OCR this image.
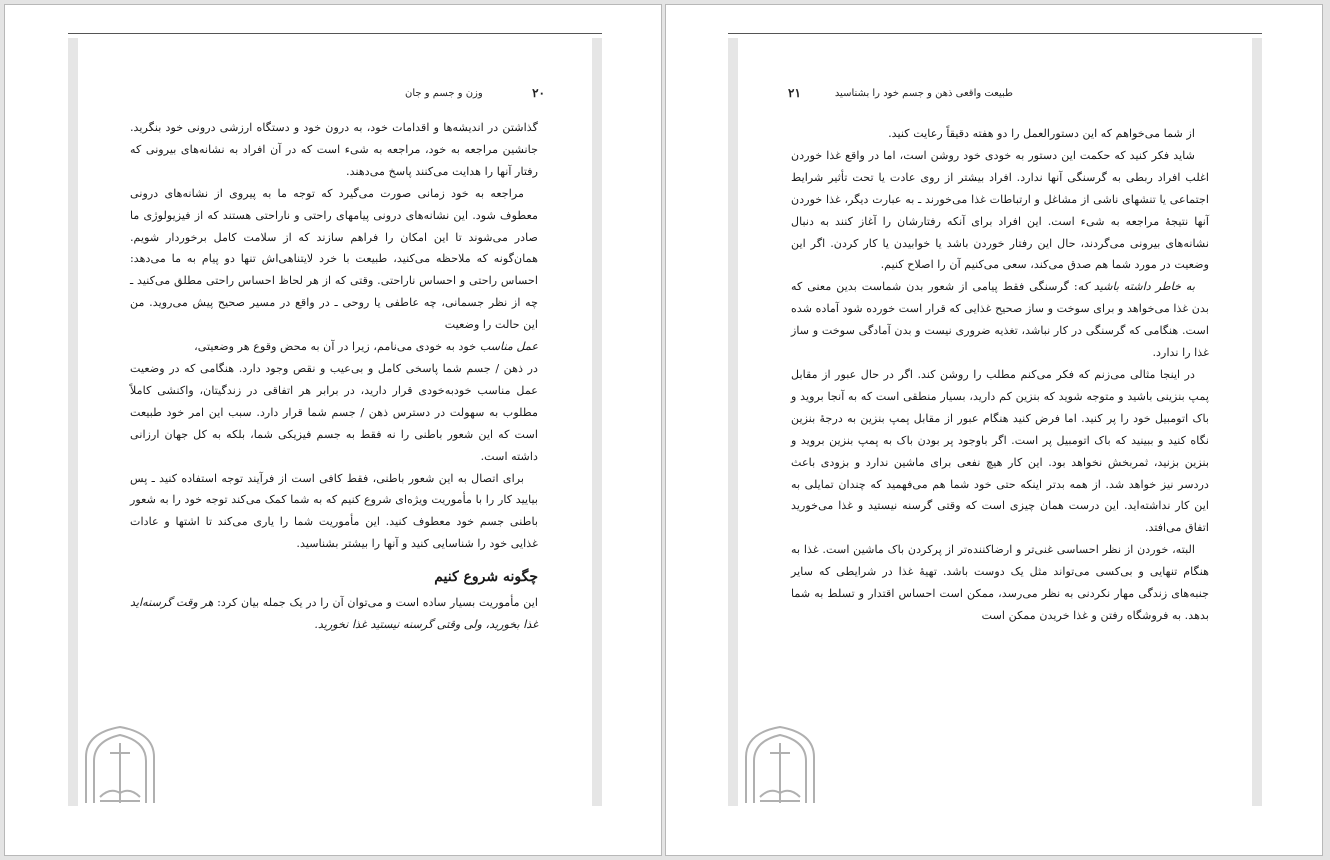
۲۰
وزن و جسم و جان

گذاشتن در اندیشه‌ها و اقدامات خود، به درون خود و دستگاه ارزشی درونی خود بنگرید. جانشین مراجعه به خود، مراجعه به شیء است که در آن افراد به نشانه‌های بیرونی که رفتار آنها را هدایت می‌کنند پاسخ می‌دهند.

مراجعه به خود زمانی صورت می‌گیرد که توجه ما به پیروی از نشانه‌های درونی معطوف شود. این نشانه‌های درونی پیامهای راحتی و ناراحتی هستند که از فیزیولوژی ما صادر می‌شوند تا این امکان را فراهم سازند که از سلامت کامل برخوردار شویم. همان‌گونه که ملاحظه می‌کنید، طبیعت با خرد لایتناهی‌اش تنها دو پیام به ما می‌دهد: احساس راحتی و احساس ناراحتی. وقتی که از هر لحاظ احساس راحتی مطلق می‌کنید ـ چه از نظر جسمانی، چه عاطفی یا روحی ـ در واقع در مسیر صحیح پیش می‌روید. من این حالت را وضعیت

عمل مناسب خود به خودی می‌نامم، زیرا در آن به محض وقوع هر وضعیتی،

در ذهن / جسم شما پاسخی کامل و بی‌عیب و نقص وجود دارد. هنگامی که در وضعیت عمل مناسب خودبه‌خودی قرار دارید، در برابر هر اتفاقی در زندگیتان، واکنشی کاملاً مطلوب به سهولت در دسترس ذهن / جسم شما قرار دارد. سبب این امر خود طبیعت است که این شعور باطنی را نه فقط به جسم فیزیکی شما، بلکه به کل جهان ارزانی داشته است.

برای اتصال به این شعور باطنی، فقط کافی است از فرآیند توجه استفاده کنید ـ پس بیایید کار را با مأموریت ویژه‌ای شروع کنیم که به شما کمک می‌کند توجه خود را به شعور باطنی جسم خود معطوف کنید. این مأموریت شما را یاری می‌کند تا اشتها و عادات غذایی خود را شناسایی کنید و آنها را بیشتر بشناسید.

چگونه شروع کنیم

این مأموریت بسیار ساده است و می‌توان آن را در یک جمله بیان کرد: هر وقت گرسنه‌اید غذا بخورید، ولی وقتی گرسنه نیستید غذا نخورید.

طبیعت واقعی ذهن و جسم خود را بشناسید
۲۱

از شما می‌خواهم که این دستورالعمل را دو هفته دقیقاً رعایت کنید.

شاید فکر کنید که حکمت این دستور به خودی خود روشن است، اما در واقع غذا خوردن اغلب افراد ربطی به گرسنگی آنها ندارد. افراد بیشتر از روی عادت یا تحت تأثیر شرایط اجتماعی یا تنشهای ناشی از مشاغل و ارتباطات غذا می‌خورند ـ به عبارت دیگر، غذا خوردن آنها نتیجهٔ مراجعه به شیء است. این افراد برای آنکه رفتارشان را آغاز کنند به دنبال نشانه‌های بیرونی می‌گردند، حال این رفتار خوردن باشد یا خوابیدن یا کار کردن. اگر این وضعیت در مورد شما هم صدق می‌کند، سعی می‌کنیم آن را اصلاح کنیم.

به خاطر داشته باشید که: گرسنگی فقط پیامی از شعور بدن شماست بدین معنی که بدن غذا می‌خواهد و برای سوخت و ساز صحیح غذایی که قرار است خورده شود آماده شده است. هنگامی که گرسنگی در کار نباشد، تغذیه ضروری نیست و بدن آمادگی سوخت و ساز غذا را ندارد.

در اینجا مثالی می‌زنم که فکر می‌کنم مطلب را روشن کند. اگر در حال عبور از مقابل پمپ بنزینی باشید و متوجه شوید که بنزین کم دارید، بسیار منطقی است که به آنجا بروید و باک اتومبیل خود را پر کنید. اما فرض کنید هنگام عبور از مقابل پمپ بنزین به درجهٔ بنزین نگاه کنید و ببینید که باک اتومبیل پر است. اگر باوجود پر بودن باک به پمپ بنزین بروید و بنزین بزنید، ثمربخش نخواهد بود. این کار هیچ نفعی برای ماشین ندارد و بزودی باعث دردسر نیز خواهد شد. از همه بدتر اینکه حتی خود شما هم می‌فهمید که چندان تمایلی به این کار نداشته‌اید. این درست همان چیزی است که وقتی گرسنه نیستید و غذا می‌خورید اتفاق می‌افتد.

البته، خوردن از نظر احساسی غنی‌تر و ارضاکننده‌تر از پرکردن باک ماشین است. غذا به هنگام تنهایی و بی‌کسی می‌تواند مثل یک دوست باشد. تهیهٔ غذا در شرایطی که سایر جنبه‌های زندگی مهار نکردنی به نظر می‌رسد، ممکن است احساس اقتدار و تسلط به شما بدهد. به فروشگاه رفتن و غذا خریدن ممکن است
